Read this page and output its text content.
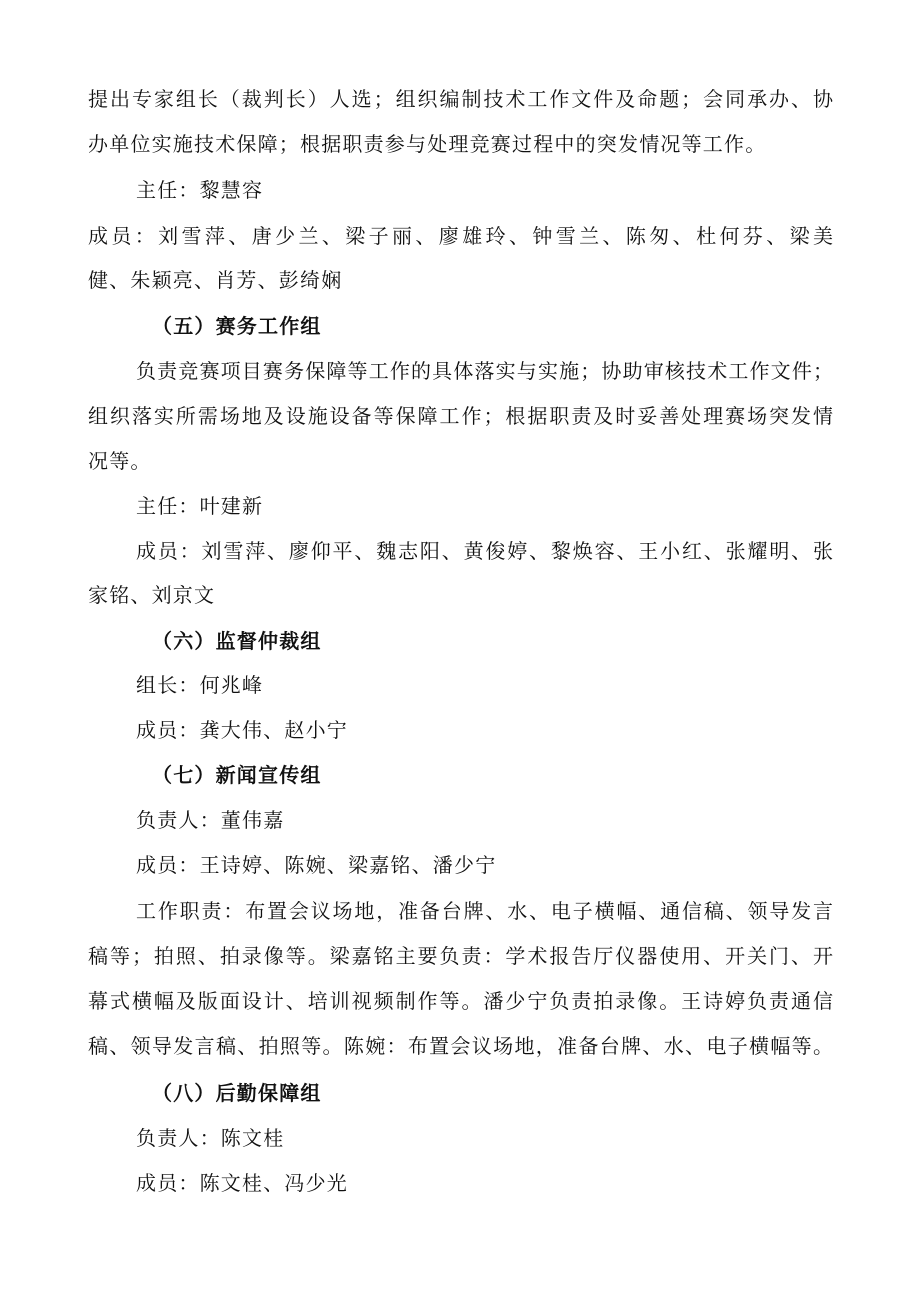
提出专家组长（裁判长）人选；组织编制技术工作文件及命题；会同承办、协
办单位实施技术保障；根据职责参与处理竞赛过程中的突发情况等工作。
主任：黎慧容
成员：刘雪萍、唐少兰、梁子丽、廖雄玲、钟雪兰、陈匆、杜何芬、梁美
健、朱颖亮、肖芳、彭绮娴
（五）赛务工作组
负责竞赛项目赛务保障等工作的具体落实与实施；协助审核技术工作文件；
组织落实所需场地及设施设备等保障工作；根据职责及时妥善处理赛场突发情
况等。
主任：叶建新
成员：刘雪萍、廖仰平、魏志阳、黄俊婷、黎焕容、王小红、张耀明、张
家铭、刘京文
（六）监督仲裁组
组长：何兆峰
成员：龚大伟、赵小宁
（七）新闻宣传组
负责人：董伟嘉
成员：王诗婷、陈婉、梁嘉铭、潘少宁
工作职责：布置会议场地，准备台牌、水、电子横幅、通信稿、领导发言
稿等；拍照、拍录像等。梁嘉铭主要负责：学术报告厅仪器使用、开关门、开
幕式横幅及版面设计、培训视频制作等。潘少宁负责拍录像。王诗婷负责通信
稿、领导发言稿、拍照等。陈婉：布置会议场地，准备台牌、水、电子横幅等。
（八）后勤保障组
负责人：陈文桂
成员：陈文桂、冯少光
